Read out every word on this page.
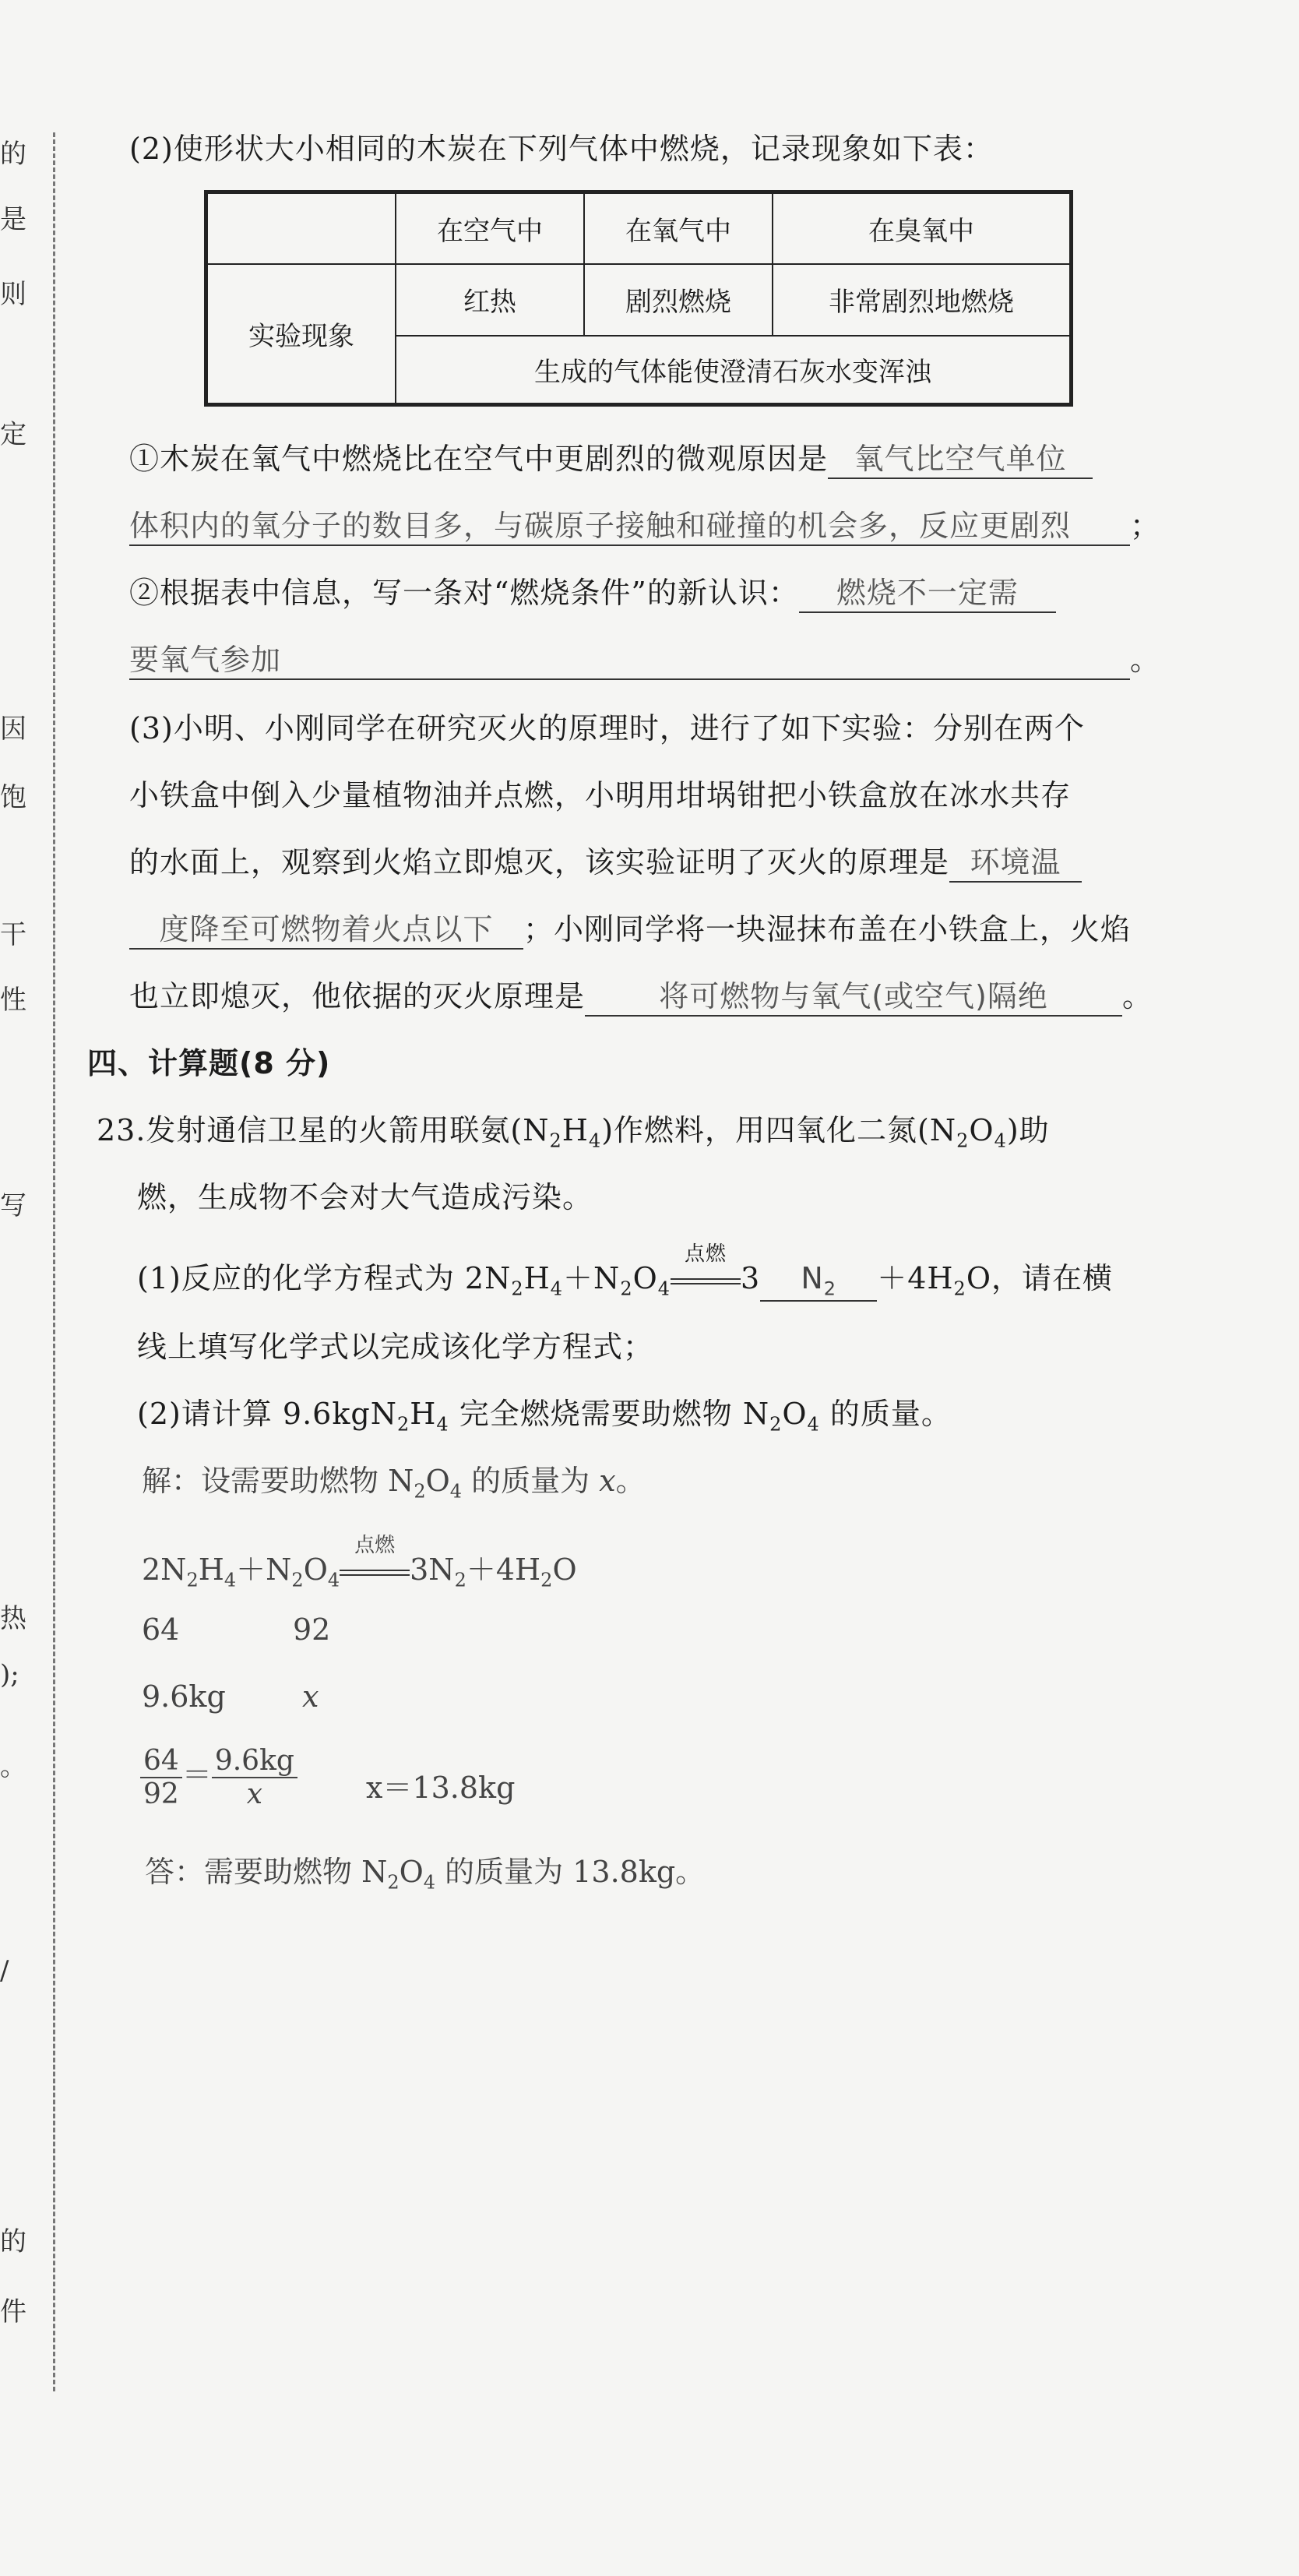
的
是
则
定
因
饱
干
性
写
热
);
。
/
的
件
(2)使形状大小相同的木炭在下列气体中燃烧，记录现象如下表：
	在空气中	在氧气中	在臭氧中
实验现象	红热	剧烈燃烧	非常剧烈地燃烧
	生成的气体能使澄清石灰水变浑浊		
①木炭在氧气中燃烧比在空气中更剧烈的微观原因是 氧气比空气单位
体积内的氧分子的数目多，与碳原子接触和碰撞的机会多，反应更剧烈 ；
②根据表中信息，写一条对“燃烧条件”的新认识： 燃烧不一定需
要氧气参加	。
(3)小明、小刚同学在研究灭火的原理时，进行了如下实验：分别在两个
小铁盒中倒入少量植物油并点燃，小明用坩埚钳把小铁盒放在冰水共存
的水面上，观察到火焰立即熄灭，该实验证明了灭火的原理是 环境温
度降至可燃物着火点以下 ；小刚同学将一块湿抹布盖在小铁盒上，火焰
也立即熄灭，他依据的灭火原理是	将可燃物与氧气(或空气)隔绝	。
四、计算题(8 分)
23.发射通信卫星的火箭用联氨$(N_2H_4)$作燃料，用四氧化二氮$(N_2O_4)$助
燃，生成物不会对大气造成污染。
(1)反应的化学方程式为 $2N_2H_4+N_2O_4$
点燃
3 $N_2 +4H_2O$，请在横
线上填写化学式以完成该化学方程式；
(2)请计算 $9.6kgN_2H_4$ 完全燃烧需要助燃物 $N_2O_4$ 的质量。
解：设需要助燃物 $N_2O_4$ 的质量为 x。
$2N_2H_4+N_2O_4$
点燃
$3N_2+4H_2O$
64	92
9.6kg	x
$\frac{64}{92} = \frac{9.6kg}{x} x=13.8kg$
答：需要助燃物 $N_2O_4$ 的质量为 13.8kg。
